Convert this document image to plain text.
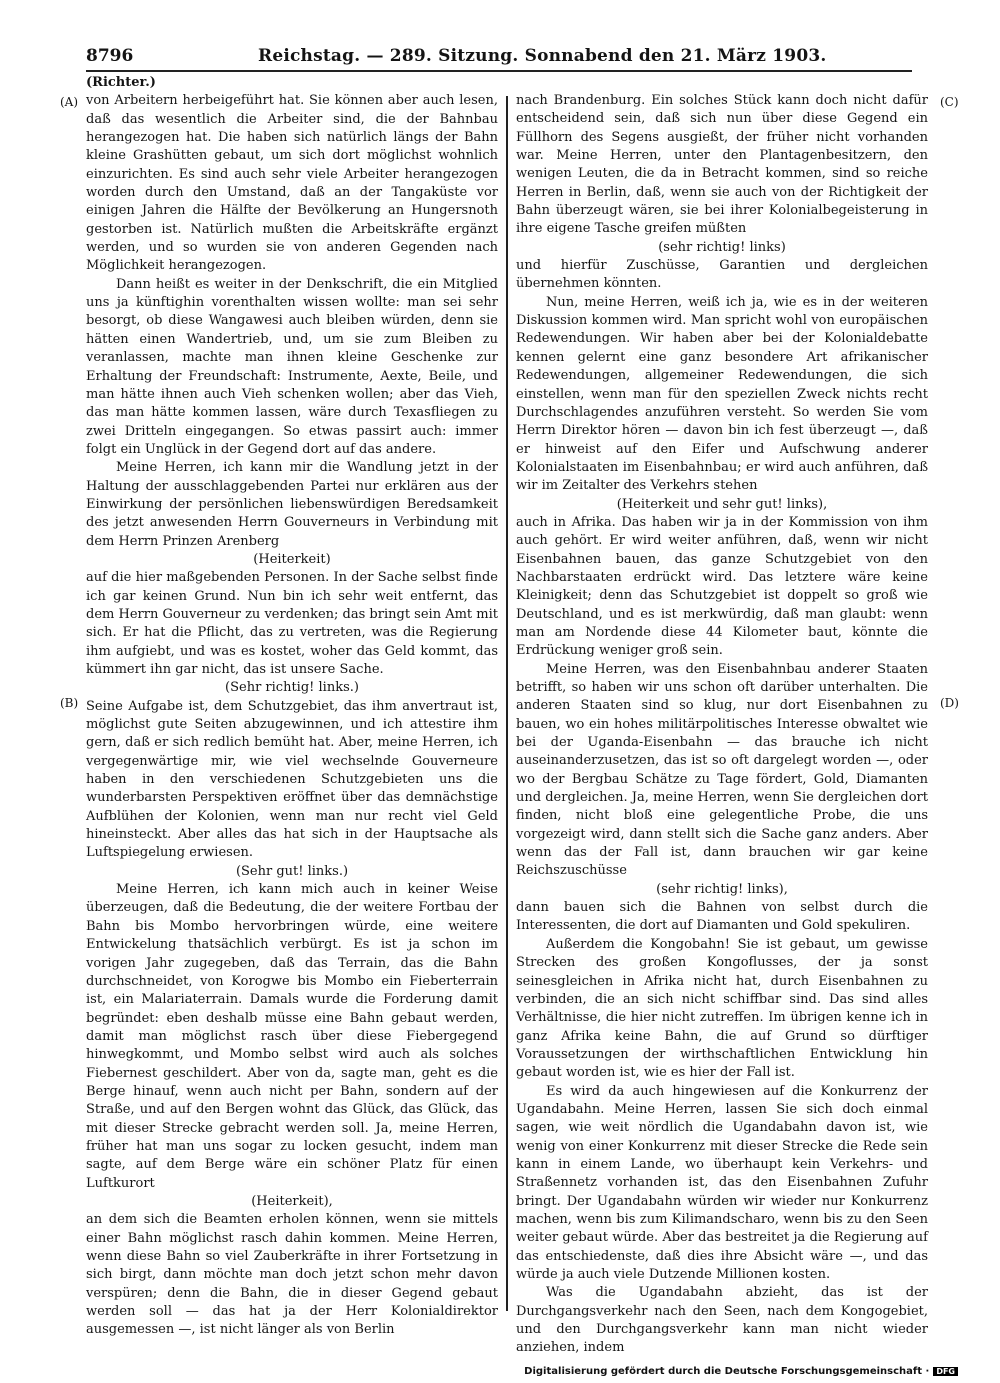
8796	Reichstag. — 289. Sitzung. Sonnabend den 21. März 1903.
(A)
(B)
(C)
(D)

(Richter.)

von Arbeitern herbeigeführt hat. Sie können aber auch lesen, daß das wesentlich die Arbeiter sind, die der Bahnbau herangezogen hat. Die haben sich natürlich längs der Bahn kleine Grashütten gebaut, um sich dort möglichst wohnlich einzurichten. Es sind auch sehr viele Arbeiter herangezogen worden durch den Umstand, daß an der Tangaküste vor einigen Jahren die Hälfte der Bevölkerung an Hungersnoth gestorben ist. Natürlich mußten die Arbeitskräfte ergänzt werden, und so wurden sie von anderen Gegenden nach Möglichkeit herangezogen.

Dann heißt es weiter in der Denkschrift, die ein Mitglied uns ja künftighin vorenthalten wissen wollte: man sei sehr besorgt, ob diese Wangawesi auch bleiben würden, denn sie hätten einen Wandertrieb, und, um sie zum Bleiben zu veranlassen, machte man ihnen kleine Geschenke zur Erhaltung der Freundschaft: Instrumente, Aexte, Beile, und man hätte ihnen auch Vieh schenken wollen; aber das Vieh, das man hätte kommen lassen, wäre durch Texasfliegen zu zwei Dritteln eingegangen. So etwas passirt auch: immer folgt ein Unglück in der Gegend dort auf das andere.

Meine Herren, ich kann mir die Wandlung jetzt in der Haltung der ausschlaggebenden Partei nur erklären aus der Einwirkung der persönlichen liebenswürdigen Beredsamkeit des jetzt anwesenden Herrn Gouverneurs in Verbindung mit dem Herrn Prinzen Arenberg

(Heiterkeit)

auf die hier maßgebenden Personen. In der Sache selbst finde ich gar keinen Grund. Nun bin ich sehr weit entfernt, das dem Herrn Gouverneur zu verdenken; das bringt sein Amt mit sich. Er hat die Pflicht, das zu vertreten, was die Regierung ihm aufgiebt, und was es kostet, woher das Geld kommt, das kümmert ihn gar nicht, das ist unsere Sache.

(Sehr richtig! links.)

Seine Aufgabe ist, dem Schutzgebiet, das ihm anvertraut ist, möglichst gute Seiten abzugewinnen, und ich attestire ihm gern, daß er sich redlich bemüht hat. Aber, meine Herren, ich vergegenwärtige mir, wie viel wechselnde Gouverneure haben in den verschiedenen Schutzgebieten uns die wunderbarsten Perspektiven eröffnet über das demnächstige Aufblühen der Kolonien, wenn man nur recht viel Geld hineinsteckt. Aber alles das hat sich in der Hauptsache als Luftspiegelung erwiesen.

(Sehr gut! links.)

Meine Herren, ich kann mich auch in keiner Weise überzeugen, daß die Bedeutung, die der weitere Fortbau der Bahn bis Mombo hervorbringen würde, eine weitere Entwickelung thatsächlich verbürgt. Es ist ja schon im vorigen Jahr zugegeben, daß das Terrain, das die Bahn durchschneidet, von Korogwe bis Mombo ein Fieberterrain ist, ein Malariaterrain. Damals wurde die Forderung damit begründet: eben deshalb müsse eine Bahn gebaut werden, damit man möglichst rasch über diese Fiebergegend hinwegkommt, und Mombo selbst wird auch als solches Fiebernest geschildert. Aber von da, sagte man, geht es die Berge hinauf, wenn auch nicht per Bahn, sondern auf der Straße, und auf den Bergen wohnt das Glück, das Glück, das mit dieser Strecke gebracht werden soll. Ja, meine Herren, früher hat man uns sogar zu locken gesucht, indem man sagte, auf dem Berge wäre ein schöner Platz für einen Luftkurort

(Heiterkeit),

an dem sich die Beamten erholen können, wenn sie mittels einer Bahn möglichst rasch dahin kommen. Meine Herren, wenn diese Bahn so viel Zauberkräfte in ihrer Fortsetzung in sich birgt, dann möchte man doch jetzt schon mehr davon verspüren; denn die Bahn, die in dieser Gegend gebaut werden soll — das hat ja der Herr Kolonialdirektor ausgemessen —, ist nicht länger als von Berlin

nach Brandenburg. Ein solches Stück kann doch nicht dafür entscheidend sein, daß sich nun über diese Gegend ein Füllhorn des Segens ausgießt, der früher nicht vorhanden war. Meine Herren, unter den Plantagenbesitzern, den wenigen Leuten, die da in Betracht kommen, sind so reiche Herren in Berlin, daß, wenn sie auch von der Richtigkeit der Bahn überzeugt wären, sie bei ihrer Kolonialbegeisterung in ihre eigene Tasche greifen müßten

(sehr richtig! links)

und hierfür Zuschüsse, Garantien und dergleichen übernehmen könnten.

Nun, meine Herren, weiß ich ja, wie es in der weiteren Diskussion kommen wird. Man spricht wohl von europäischen Redewendungen. Wir haben aber bei der Kolonialdebatte kennen gelernt eine ganz besondere Art afrikanischer Redewendungen, allgemeiner Redewendungen, die sich einstellen, wenn man für den speziellen Zweck nichts recht Durchschlagendes anzuführen versteht. So werden Sie vom Herrn Direktor hören — davon bin ich fest überzeugt —, daß er hinweist auf den Eifer und Aufschwung anderer Kolonialstaaten im Eisenbahnbau; er wird auch anführen, daß wir im Zeitalter des Verkehrs stehen

(Heiterkeit und sehr gut! links),

auch in Afrika. Das haben wir ja in der Kommission von ihm auch gehört. Er wird weiter anführen, daß, wenn wir nicht Eisenbahnen bauen, das ganze Schutzgebiet von den Nachbarstaaten erdrückt wird. Das letztere wäre keine Kleinigkeit; denn das Schutzgebiet ist doppelt so groß wie Deutschland, und es ist merkwürdig, daß man glaubt: wenn man am Nordende diese 44 Kilometer baut, könnte die Erdrückung weniger groß sein.

Meine Herren, was den Eisenbahnbau anderer Staaten betrifft, so haben wir uns schon oft darüber unterhalten. Die anderen Staaten sind so klug, nur dort Eisenbahnen zu bauen, wo ein hohes militärpolitisches Interesse obwaltet wie bei der Uganda-Eisenbahn — das brauche ich nicht auseinanderzusetzen, das ist so oft dargelegt worden —, oder wo der Bergbau Schätze zu Tage fördert, Gold, Diamanten und dergleichen. Ja, meine Herren, wenn Sie dergleichen dort finden, nicht bloß eine gelegentliche Probe, die uns vorgezeigt wird, dann stellt sich die Sache ganz anders. Aber wenn das der Fall ist, dann brauchen wir gar keine Reichszuschüsse

(sehr richtig! links),

dann bauen sich die Bahnen von selbst durch die Interessenten, die dort auf Diamanten und Gold spekuliren.

Außerdem die Kongobahn! Sie ist gebaut, um gewisse Strecken des großen Kongoflusses, der ja sonst seinesgleichen in Afrika nicht hat, durch Eisenbahnen zu verbinden, die an sich nicht schiffbar sind. Das sind alles Verhältnisse, die hier nicht zutreffen. Im übrigen kenne ich in ganz Afrika keine Bahn, die auf Grund so dürftiger Voraussetzungen der wirthschaftlichen Entwicklung hin gebaut worden ist, wie es hier der Fall ist.

Es wird da auch hingewiesen auf die Konkurrenz der Ugandabahn. Meine Herren, lassen Sie sich doch einmal sagen, wie weit nördlich die Ugandabahn davon ist, wie wenig von einer Konkurrenz mit dieser Strecke die Rede sein kann in einem Lande, wo überhaupt kein Verkehrs- und Straßennetz vorhanden ist, das den Eisenbahnen Zufuhr bringt. Der Ugandabahn würden wir wieder nur Konkurrenz machen, wenn bis zum Kilimandscharo, wenn bis zu den Seen weiter gebaut würde. Aber das bestreitet ja die Regierung auf das entschiedenste, daß dies ihre Absicht wäre —, und das würde ja auch viele Dutzende Millionen kosten.

Was die Ugandabahn abzieht, das ist der Durchgangsverkehr nach den Seen, nach dem Kongogebiet, und den Durchgangsverkehr kann man nicht wieder anziehen, indem

Digitalisierung gefördert durch die Deutsche Forschungsgemeinschaft · DFG
